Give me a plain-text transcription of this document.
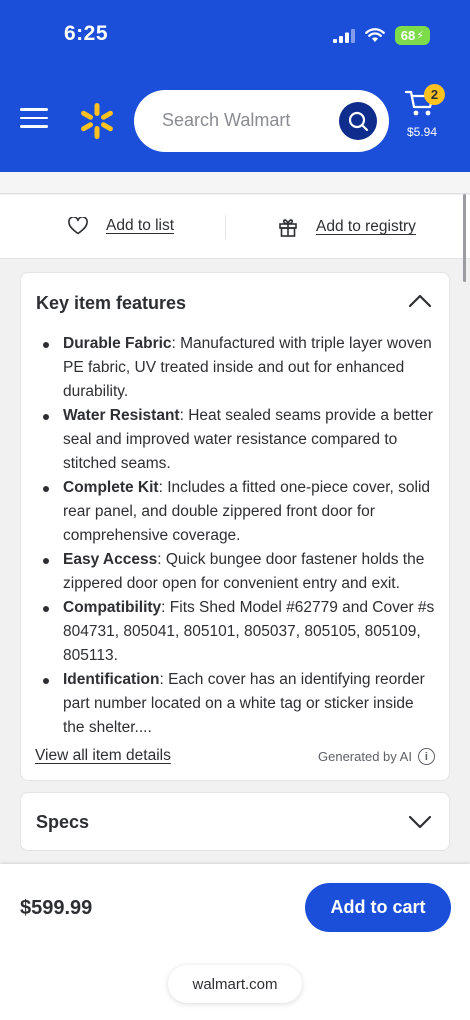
6:25	68 ⚡
Search Walmart
2
$5.94
Add to list	Add to registry
Key item features
Durable Fabric: Manufactured with triple layer woven PE fabric, UV treated inside and out for enhanced durability.
Water Resistant: Heat sealed seams provide a better seal and improved water resistance compared to stitched seams.
Complete Kit: Includes a fitted one-piece cover, solid rear panel, and double zippered front door for comprehensive coverage.
Easy Access: Quick bungee door fastener holds the zippered door open for convenient entry and exit.
Compatibility: Fits Shed Model #62779 and Cover #s 804731, 805041, 805101, 805037, 805105, 805109, 805113.
Identification: Each cover has an identifying reorder part number located on a white tag or sticker inside the shelter....
View all item details	Generated by AI	i
Specs
$599.99	Add to cart
walmart.com
